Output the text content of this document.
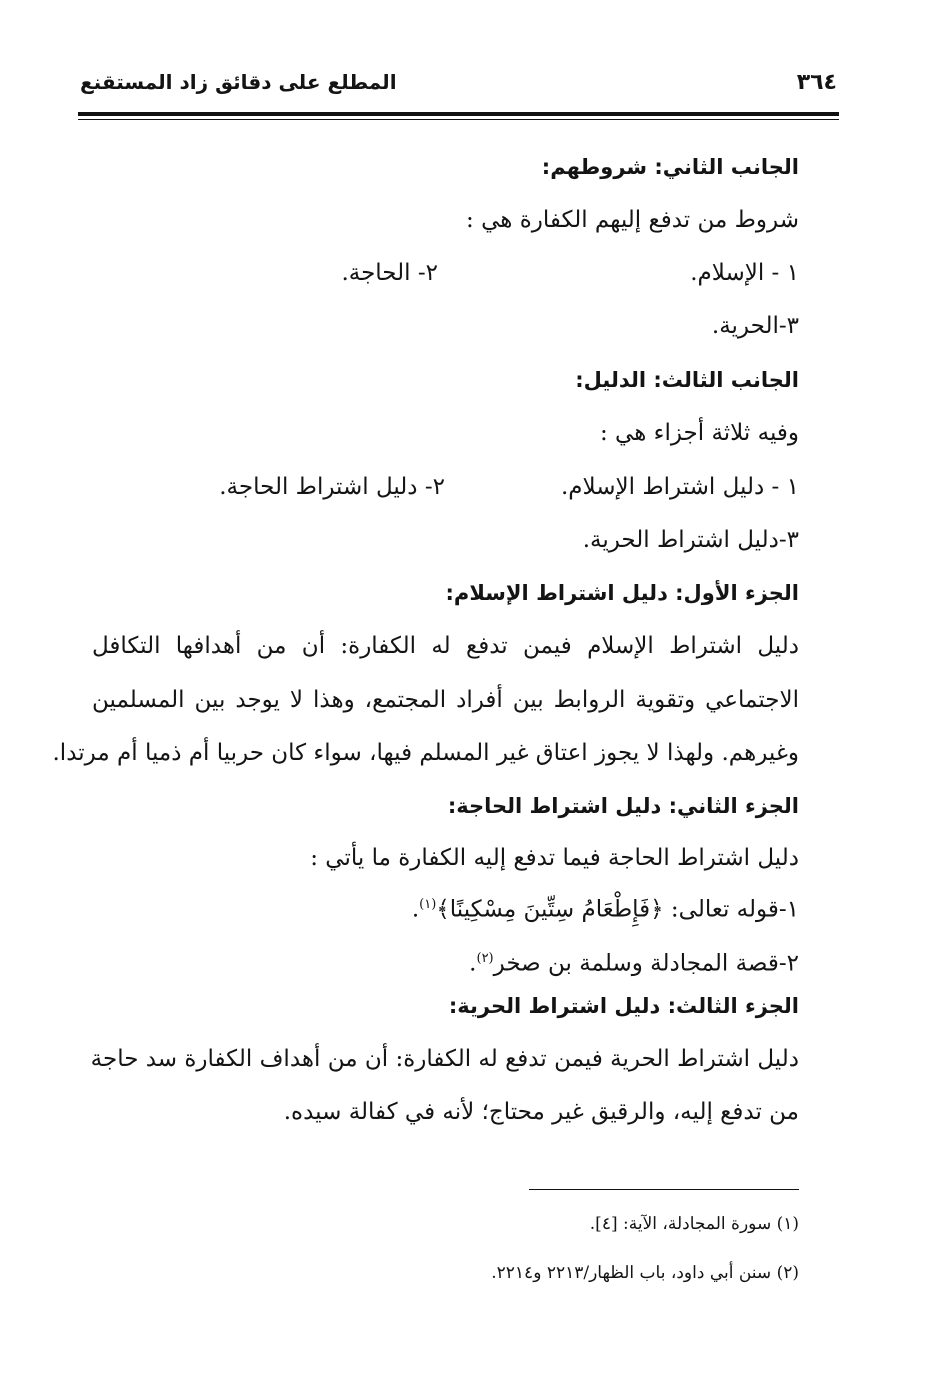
٣٦٤
المطلع على دقائق زاد المستقنع
الجانب الثاني: شروطهم:
شروط من تدفع إليهم الكفارة هي :
١ - الإسلام.
٢- الحاجة.
٣-الحرية.
الجانب الثالث: الدليل:
وفيه ثلاثة أجزاء هي :
١ - دليل اشتراط الإسلام.
٢- دليل اشتراط الحاجة.
٣-دليل اشتراط الحرية.
الجزء الأول: دليل اشتراط الإسلام:
دليل اشتراط الإسلام فيمن تدفع له الكفارة: أن من أهدافها التكافل
الاجتماعي وتقوية الروابط بين أفراد المجتمع، وهذا لا يوجد بين المسلمين
وغيرهم. ولهذا لا يجوز اعتاق غير المسلم فيها، سواء كان حربيا أم ذميا أم مرتدا.
الجزء الثاني: دليل اشتراط الحاجة:
دليل اشتراط الحاجة فيما تدفع إليه الكفارة ما يأتي :
١-قوله تعالى: ﴿فَإِطْعَامُ سِتِّينَ مِسْكِينًا﴾$^{(١)}$.
٢-قصة المجادلة وسلمة بن صخر$^{(٢)}$.
الجزء الثالث: دليل اشتراط الحرية:
دليل اشتراط الحرية فيمن تدفع له الكفارة: أن من أهداف الكفارة سد حاجة
من تدفع إليه، والرقيق غير محتاج؛ لأنه في كفالة سيده.
(١) سورة المجادلة، الآية: [٤].
(٢) سنن أبي داود، باب الظهار/٢٢١٣ و٢٢١٤.
